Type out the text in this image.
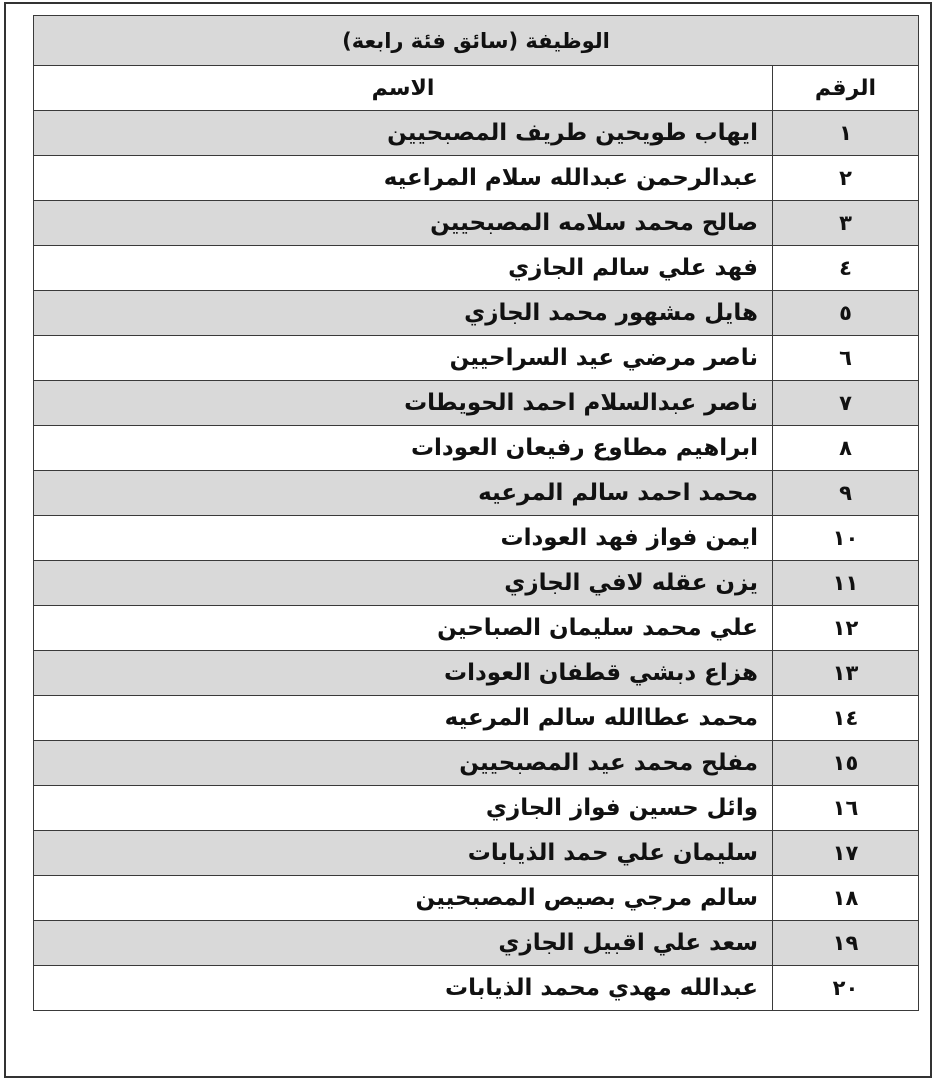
الوظيفة (سائق فئة رابعة)	
الرقم	الاسم
١	ايهاب طويحين طريف المصبحيين
٢	عبدالرحمن عبدالله سلام المراعيه
٣	صالح محمد سلامه المصبحيين
٤	فهد علي سالم الجازي
٥	هايل مشهور محمد الجازي
٦	ناصر مرضي عيد السراحيين
٧	ناصر عبدالسلام احمد الحويطات
٨	ابراهيم مطاوع رفيعان العودات
٩	محمد احمد سالم المرعيه
١٠	ايمن فواز فهد العودات
١١	يزن عقله لافي الجازي
١٢	علي محمد سليمان الصباحين
١٣	هزاع دبشي قطفان العودات
١٤	محمد عطاالله سالم المرعيه
١٥	مفلح محمد عيد المصبحيين
١٦	وائل حسين فواز الجازي
١٧	سليمان علي حمد الذيابات
١٨	سالم مرجي بصيص المصبحيين
١٩	سعد علي اقبيل الجازي
٢٠	عبدالله مهدي محمد الذيابات
